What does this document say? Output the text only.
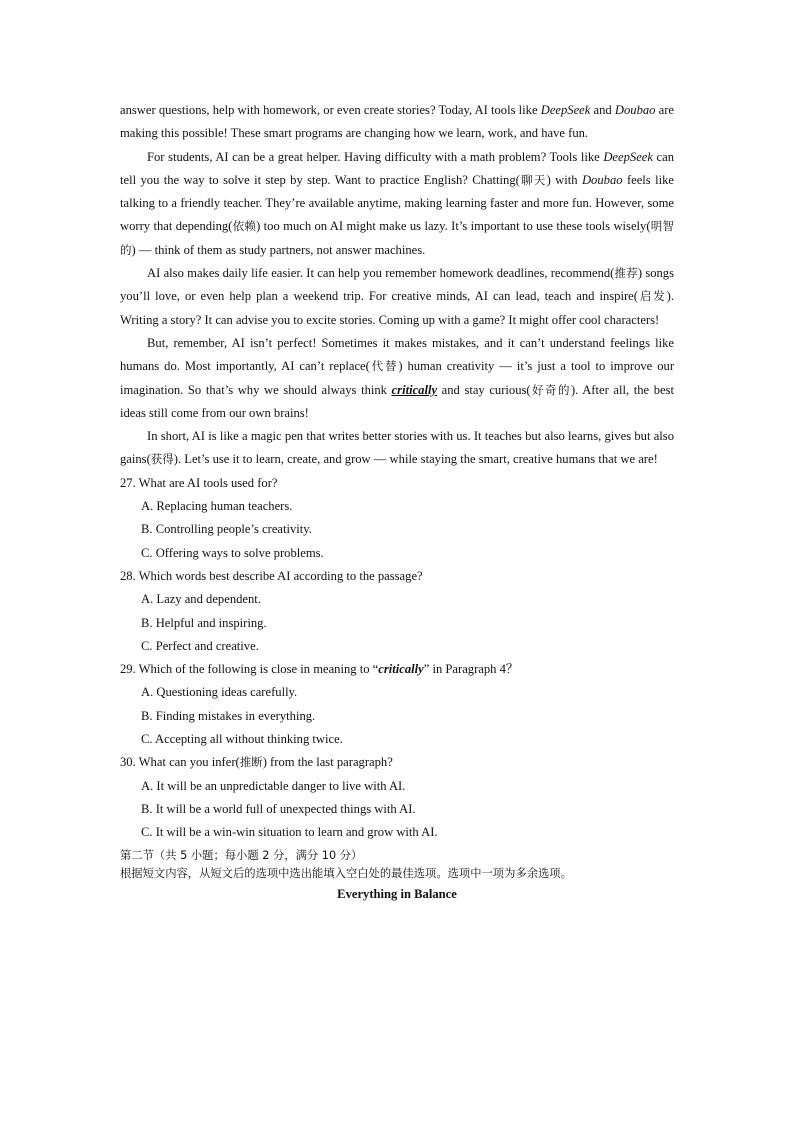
answer questions, help with homework, or even create stories? Today, AI tools like DeepSeek and Doubao are making this possible! These smart programs are changing how we learn, work, and have fun.

For students, AI can be a great helper. Having difficulty with a math problem? Tools like DeepSeek can tell you the way to solve it step by step. Want to practice English? Chatting(聊天) with Doubao feels like talking to a friendly teacher. They’re available anytime, making learning faster and more fun. However, some worry that depending(依赖) too much on AI might make us lazy. It’s important to use these tools wisely(明智的) — think of them as study partners, not answer machines.

AI also makes daily life easier. It can help you remember homework deadlines, recommend(推荐) songs you’ll love, or even help plan a weekend trip. For creative minds, AI can lead, teach and inspire(启发). Writing a story? It can advise you to excite stories. Coming up with a game? It might offer cool characters!

But, remember, AI isn’t perfect! Sometimes it makes mistakes, and it can’t understand feelings like humans do. Most importantly, AI can’t replace(代替) human creativity — it’s just a tool to improve our imagination. So that’s why we should always think critically and stay curious(好奇的). After all, the best ideas still come from our own brains!

In short, AI is like a magic pen that writes better stories with us. It teaches but also learns, gives but also gains(获得). Let’s use it to learn, create, and grow — while staying the smart, creative humans that we are!

27. What are AI tools used for?

A. Replacing human teachers.

B. Controlling people’s creativity.

C. Offering ways to solve problems.

28. Which words best describe AI according to the passage?

A. Lazy and dependent.

B. Helpful and inspiring.

C. Perfect and creative.

29. Which of the following is close in meaning to “critically” in Paragraph 4？

A. Questioning ideas carefully.

B. Finding mistakes in everything.

C. Accepting all without thinking twice.

30. What can you infer(推断) from the last paragraph?

A. It will be an unpredictable danger to live with AI.

B. It will be a world full of unexpected things with AI.

C. It will be a win-win situation to learn and grow with AI.

第二节（共 5 小题；每小题 2 分，满分 10 分）

根据短文内容，从短文后的选项中选出能填入空白处的最佳选项。选项中一项为多余选项。

Everything in Balance
